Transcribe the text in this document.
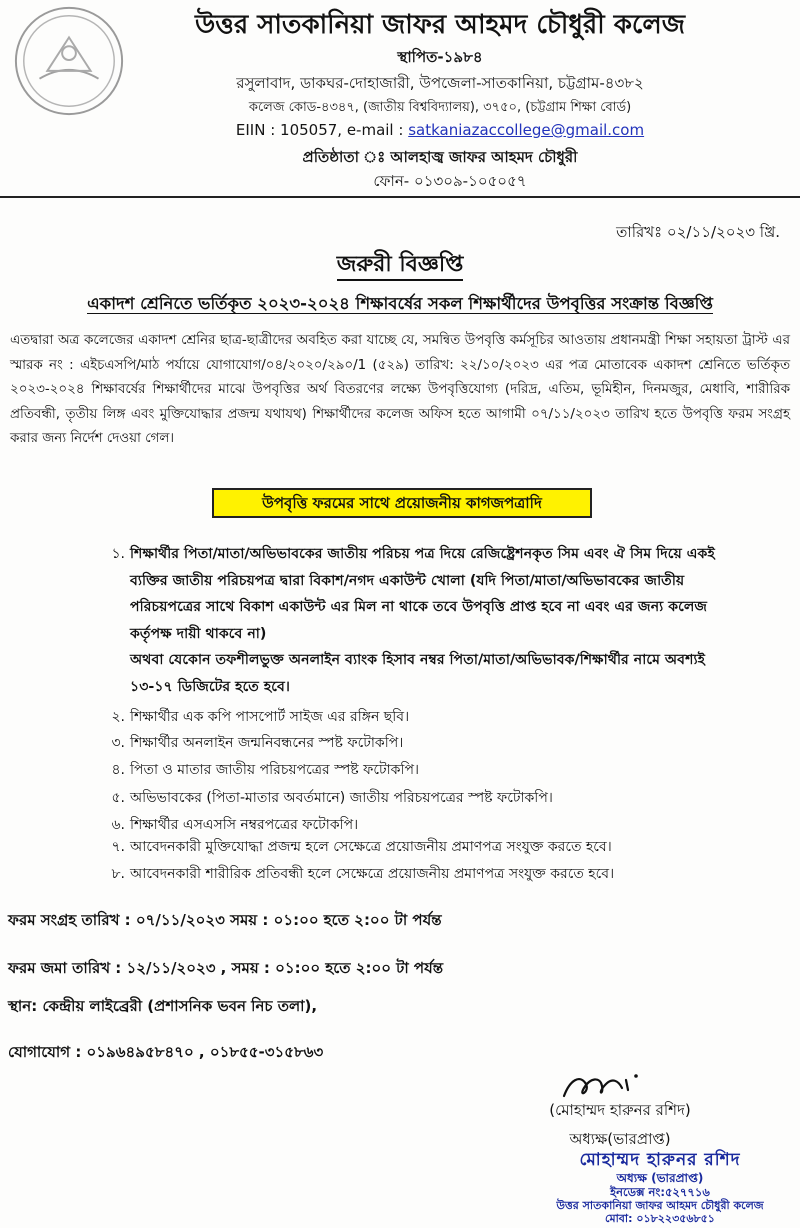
উত্তর সাতকানিয়া জাফর আহমদ চৌধুরী কলেজ
স্থাপিত-১৯৮৪
রসুলাবাদ, ডাকঘর-দোহাজারী, উপজেলা-সাতকানিয়া, চট্টগ্রাম-৪৩৮২
কলেজ কোড-৪৩৪৭, (জাতীয় বিশ্ববিদ্যালয়), ৩৭৫০, (চট্টগ্রাম শিক্ষা বোর্ড)
EIIN : 105057, e-mail : satkaniazaccollege@gmail.com
প্রতিষ্ঠাতা ঃ আলহাজ্ব জাফর আহমদ চৌধুরী
ফোন- ০১৩০৯-১০৫০৫৭
তারিখঃ ০২/১১/২০২৩ খ্রি.
জরুরী বিজ্ঞপ্তি
একাদশ শ্রেনিতে ভর্তিকৃত ২০২৩-২০২৪ শিক্ষাবর্ষের সকল শিক্ষার্থীদের উপবৃত্তির সংক্রান্ত বিজ্ঞপ্তি
এতদ্বারা অত্র কলেজের একাদশ শ্রেনির ছাত্র-ছাত্রীদের অবহিত করা যাচ্ছে যে, সমন্বিত উপবৃত্তি কর্মসূচির আওতায় প্রধানমন্ত্রী শিক্ষা সহায়তা ট্রাস্ট এর স্মারক নং : এইচএসপি/মাঠ পর্যায়ে যোগাযোগ/০৪/২০২০/২৯০/1 (৫২৯) তারিখ: ২২/১০/২০২৩ এর পত্র মোতাবেক একাদশ শ্রেনিতে ভর্তিকৃত ২০২৩-২০২৪ শিক্ষাবর্ষের শিক্ষার্থীদের মাঝে উপবৃত্তির অর্থ বিতরণের লক্ষ্যে উপবৃত্তিযোগ্য (দরিদ্র, এতিম, ভূমিহীন, দিনমজুর, মেধাবি, শারীরিক প্রতিবন্ধী, তৃতীয় লিঙ্গ এবং মুক্তিযোদ্ধার প্রজন্ম যথাযথ) শিক্ষার্থীদের কলেজ অফিস হতে আগামী ০৭/১১/২০২৩ তারিখ হতে উপবৃত্তি ফরম সংগ্রহ করার জন্য নির্দেশ দেওয়া গেল।
উপবৃত্তি ফরমের সাথে প্রয়োজনীয় কাগজপত্রাদি
১. শিক্ষার্থীর পিতা/মাতা/অভিভাবকের জাতীয় পরিচয় পত্র দিয়ে রেজিষ্ট্রেশনকৃত সিম এবং ঐ সিম দিয়ে একই ব্যক্তির জাতীয় পরিচয়পত্র দ্বারা বিকাশ/নগদ একাউন্ট খোলা (যদি পিতা/মাতা/অভিভাবকের জাতীয় পরিচয়পত্রের সাথে বিকাশ একাউন্ট এর মিল না থাকে তবে উপবৃত্তি প্রাপ্ত হবে না এবং এর জন্য কলেজ কর্তৃপক্ষ দায়ী থাকবে না)
অথবা যেকোন তফশীলভুক্ত অনলাইন ব্যাংক হিসাব নম্বর পিতা/মাতা/অভিভাবক/শিক্ষার্থীর নামে অবশ্যই ১৩-১৭ ডিজিটের হতে হবে।
২. শিক্ষার্থীর এক কপি পাসপোর্ট সাইজ এর রঙ্গিন ছবি।
৩. শিক্ষার্থীর অনলাইন জন্মনিবন্ধনের স্পষ্ট ফটোকপি।
৪. পিতা ও মাতার জাতীয় পরিচয়পত্রের স্পষ্ট ফটোকপি।
৫. অভিভাবকের (পিতা-মাতার অবর্তমানে) জাতীয় পরিচয়পত্রের স্পষ্ট ফটোকপি।
৬. শিক্ষার্থীর এসএসসি নম্বরপত্রের ফটোকপি।
৭. আবেদনকারী মুক্তিযোদ্ধা প্রজন্ম হলে সেক্ষেত্রে প্রয়োজনীয় প্রমাণপত্র সংযুক্ত করতে হবে।
৮. আবেদনকারী শারীরিক প্রতিবন্ধী হলে সেক্ষেত্রে প্রয়োজনীয় প্রমাণপত্র সংযুক্ত করতে হবে।
ফরম সংগ্রহ তারিখ : ০৭/১১/২০২৩ সময় : ০১:০০ হতে ২:০০ টা পর্যন্ত
ফরম জমা তারিখ : ১২/১১/২০২৩ , সময় : ০১:০০ হতে ২:০০ টা পর্যন্ত
স্থান: কেন্দ্রীয় লাইব্রেরী (প্রশাসনিক ভবন নিচ তলা),
যোগাযোগ : ০১৯৬৪৯৫৮৪৭০ , ০১৮৫৫-৩১৫৮৬৩
(মোহাম্মদ হারুনর রশিদ)
অধ্যক্ষ(ভারপ্রাপ্ত)
মোহাম্মদ হারুনর রশিদ
অধ্যক্ষ (ভারপ্রাপ্ত)
ইনডেক্স নং:৫২৭৭১৬
উত্তর সাতকানিয়া জাফর আহমদ চৌধুরী কলেজ
মোবা: ০১৮২২৩৫৬৮৫১
